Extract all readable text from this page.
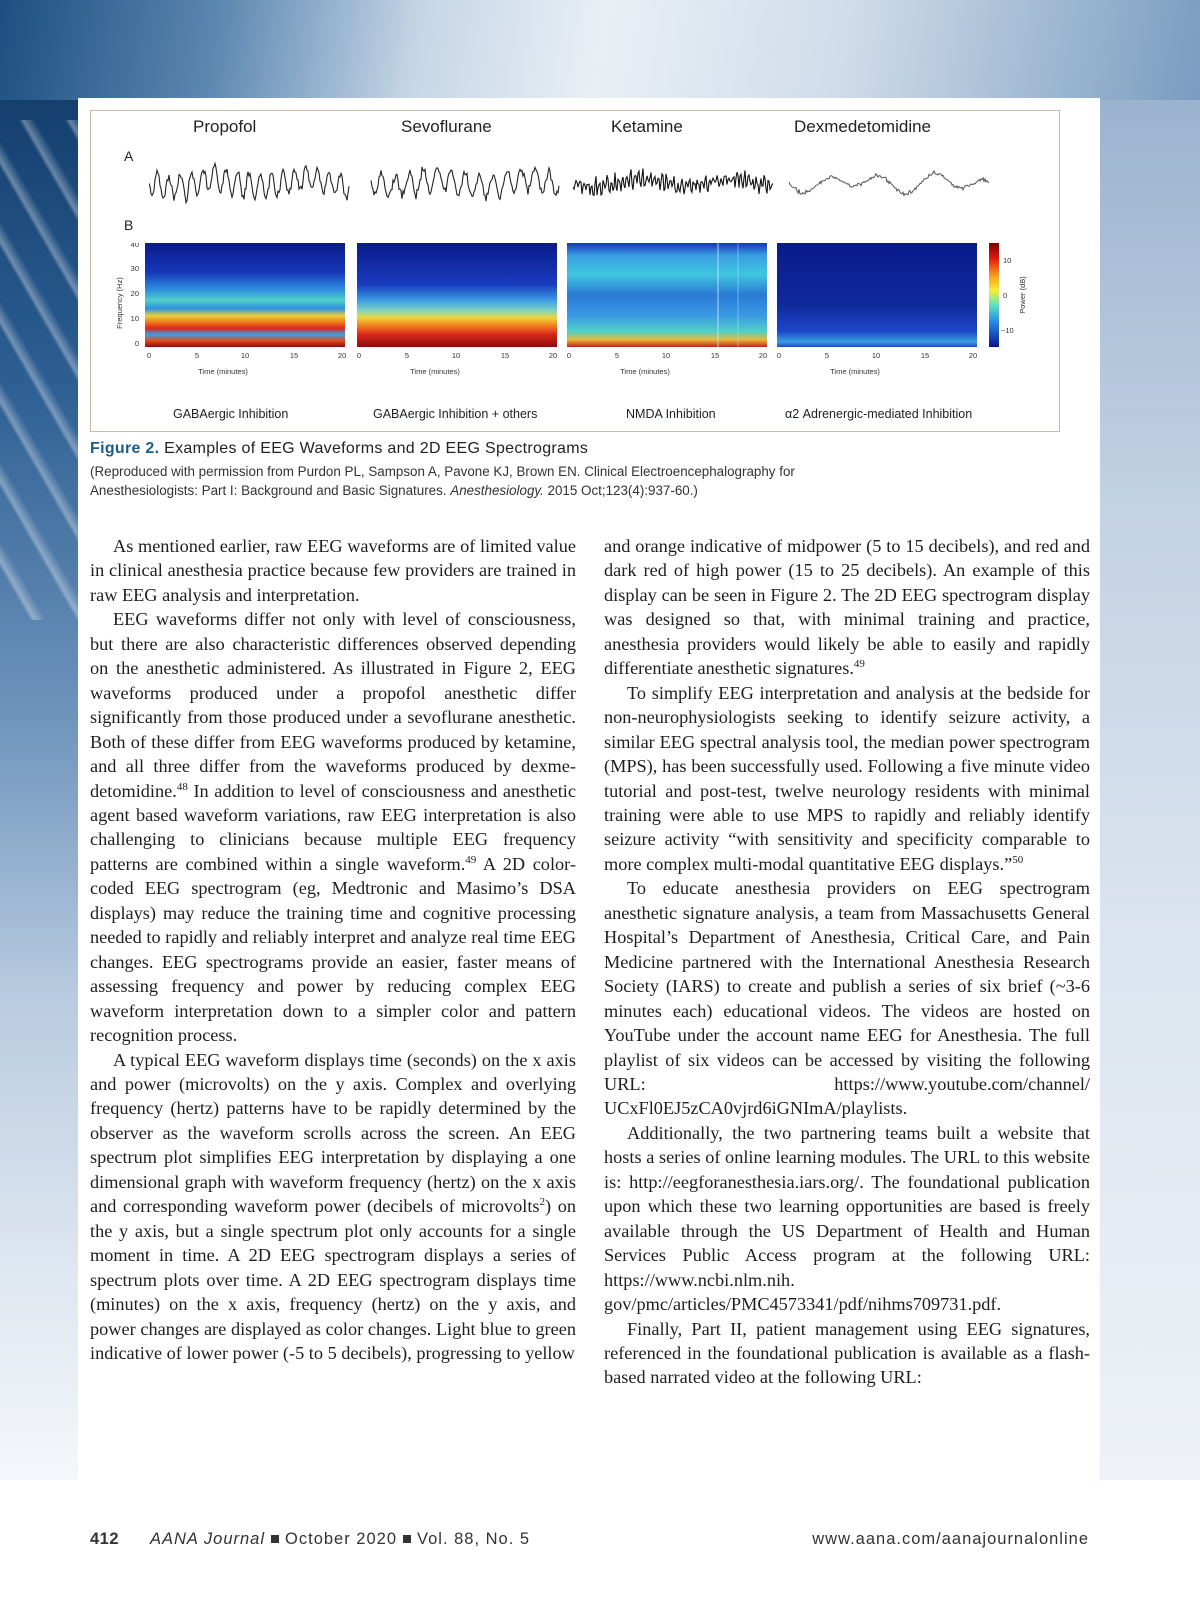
Propofol	Sevoflurane	Ketamine	Dexmedetomidine
A
B
Frequency (Hz)
40
30
20
10
0
0	5	10	15	20 0	5	10	15	20 0	5	10	15	20 0	5	10	15	20
Time (minutes)	Time (minutes)	Time (minutes)	Time (minutes)
10
0
−10
Power (dB)
GABAergic Inhibition	GABAergic Inhibition + others	NMDA Inhibition	α2 Adrenergic-mediated Inhibition
Figure 2. Examples of EEG Waveforms and 2D EEG Spectrograms
(Reproduced with permission from Purdon PL, Sampson A, Pavone KJ, Brown EN. Clinical Electroencephalography for
Anesthesiologists: Part I: Background and Basic Signatures. Anesthesiology. 2015 Oct;123(4):937-60.)

As mentioned earlier, raw EEG waveforms are of limited value in clinical anesthesia practice because few providers are trained in raw EEG analysis and interpretation.

EEG waveforms differ not only with level of consciousness, but there are also characteristic differences observed depending on the anesthetic administered. As illustrated in Figure 2, EEG waveforms produced under a propofol anesthetic differ significantly from those produced under a sevoflurane anesthetic. Both of these differ from EEG waveforms produced by ketamine, and all three differ from the waveforms produced by dexmedetomidine.$^{48}$ In addition to level of consciousness and anesthetic agent based waveform variations, raw EEG interpretation is also challenging to clinicians because multiple EEG frequency patterns are combined within a single waveform.$^{49}$ A 2D color-coded EEG spectrogram (eg, Medtronic and Masimo’s DSA displays) may reduce the training time and cognitive processing needed to rapidly and reliably interpret and analyze real time EEG changes. EEG spectrograms provide an easier, faster means of assessing frequency and power by reducing complex EEG waveform interpretation down to a simpler color and pattern recognition process.

A typical EEG waveform displays time (seconds) on the x axis and power (microvolts) on the y axis. Complex and overlying frequency (hertz) patterns have to be rapidly determined by the observer as the waveform scrolls across the screen. An EEG spectrum plot simplifies EEG interpretation by displaying a one dimensional graph with waveform frequency (hertz) on the x axis and corresponding waveform power (decibels of microvolts$^2$) on the y axis, but a single spectrum plot only accounts for a single moment in time. A 2D EEG spectrogram displays a series of spectrum plots over time. A 2D EEG spectrogram displays time (minutes) on the x axis, frequency (hertz) on the y axis, and power changes are displayed as color changes. Light blue to green indicative of lower power (-5 to 5 decibels), progressing to yellow

and orange indicative of midpower (5 to 15 decibels), and red and dark red of high power (15 to 25 decibels). An example of this display can be seen in Figure 2. The 2D EEG spectrogram display was designed so that, with minimal training and practice, anesthesia providers would likely be able to easily and rapidly differentiate anesthetic signatures.$^{49}$

To simplify EEG interpretation and analysis at the bedside for non-neurophysiologists seeking to identify seizure activity, a similar EEG spectral analysis tool, the median power spectrogram (MPS), has been successfully used. Following a five minute video tutorial and post-test, twelve neurology residents with minimal training were able to use MPS to rapidly and reliably identify seizure activity “with sensitivity and specificity comparable to more complex multi-modal quantitative EEG displays.”$^{50}$

To educate anesthesia providers on EEG spectrogram anesthetic signature analysis, a team from Massachusetts General Hospital’s Department of Anesthesia, Critical Care, and Pain Medicine partnered with the International Anesthesia Research Society (IARS) to create and publish a series of six brief (~3-6 minutes each) educational videos. The videos are hosted on YouTube under the account name EEG for Anesthesia. The full playlist of six videos can be accessed by visiting the following URL: https://www.youtube.com/channel/​UCxFl0EJ5zCA0vjrd6iGNImA/playlists.

Additionally, the two partnering teams built a website that hosts a series of online learning modules. The URL to this website is: http://eegforanesthesia.iars.org/. The foundational publication upon which these two learning opportunities are based is freely available through the US Department of Health and Human Services Public Access program at the following URL: https://www.ncbi.nlm.nih.​gov/pmc/articles/PMC4573341/pdf/nihms709731.pdf.

Finally, Part II, patient management using EEG signatures, referenced in the foundational publication is available as a flash-based narrated video at the following URL:

412 AANA Journal October 2020 Vol. 88, No. 5	www.aana.com/aanajournalonline
